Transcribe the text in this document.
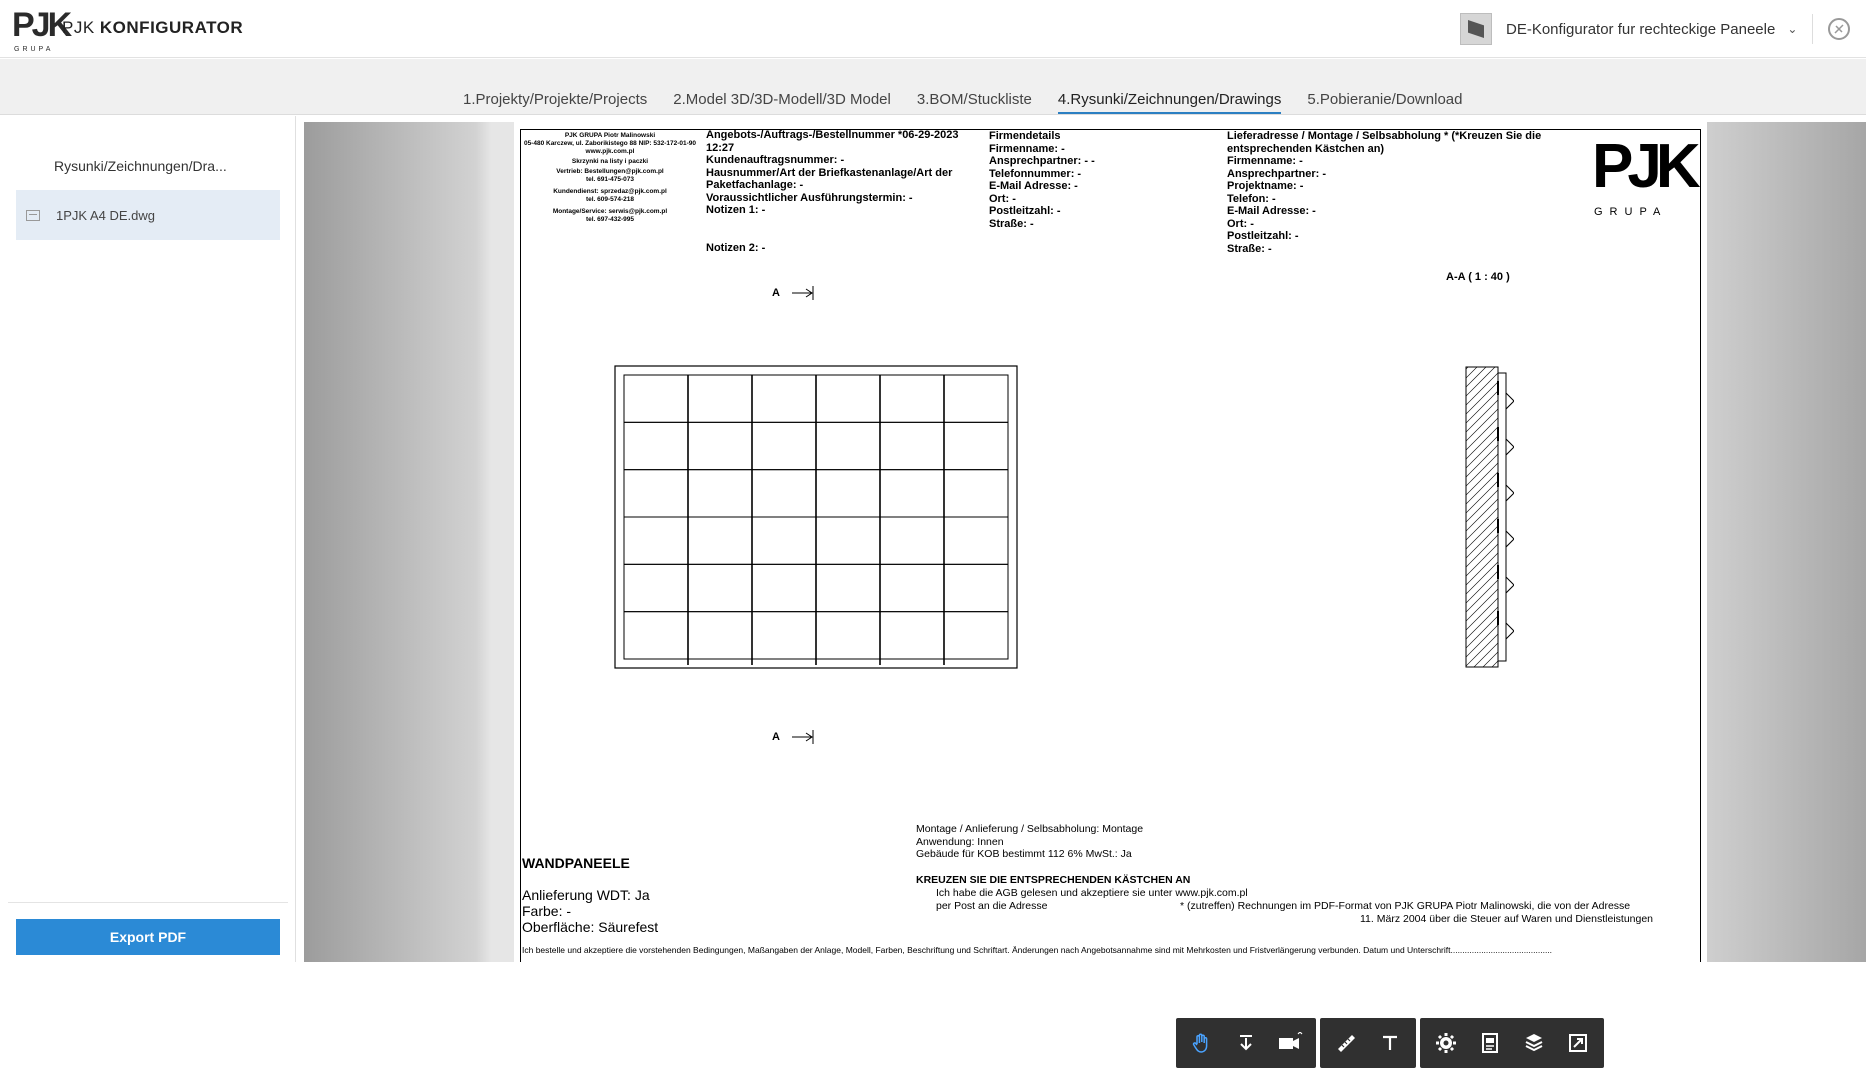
PJK
GRUPA
PJK KONFIGURATOR	DE-Konfigurator fur rechteckige Paneele ⌄
1.Projekty/Projekte/Projects 2.Model 3D/3D-Modell/3D Model 3.BOM/Stuckliste 4.Rysunki/Zeichnungen/Drawings 5.Pobieranie/Download
Rysunki/Zeichnungen/Dra...
1PJK A4 DE.dwg
Export PDF
PJK GRUPA Piotr Malinowski
05-480 Karczew, ul. Zaborikistego 88 NIP: 532-172-01-90
www.pjk.com.pl
Skrzynki na listy i paczki
Vertrieb: Bestellungen@pjk.com.pl
tel. 691-475-073
Kundendienst: sprzedaz@pjk.com.pl
tel. 609-574-218
Montage/Service: serwis@pjk.com.pl
tel. 697-432-995
Angebots-/Auftrags-/Bestellnummer *06-29-2023
12:27
Kundenauftragsnummer: -
Hausnummer/Art der Briefkastenanlage/Art der
Paketfachanlage: -
Voraussichtlicher Ausführungstermin: -
Notizen 1: -
Notizen 2: -
Firmendetails
Firmenname: -
Ansprechpartner: - -
Telefonnummer: -
E-Mail Adresse: -
Ort: -
Postleitzahl: -
Straße: -
Lieferadresse / Montage / Selbsabholung * (*Kreuzen Sie die
entsprechenden Kästchen an)
Firmenname: -
Ansprechpartner: -
Projektname: -
Telefon: -
E-Mail Adresse: -
Ort: -
Postleitzahl: -
Straße: -
PJK
GRUPA
A-A ( 1 : 40 )
A
A
WANDPANEELE
Anlieferung WDT: Ja
Farbe: -
Oberfläche: Säurefest
Montage / Anlieferung / Selbsabholung: Montage
Anwendung: Innen
Gebäude für KOB bestimmt 112 6% MwSt.: Ja
KREUZEN SIE DIE ENTSPRECHENDEN KÄSTCHEN AN
Ich habe die AGB gelesen und akzeptiere sie unter www.pjk.com.pl
per Post an die Adresse	* (zutreffen) Rechnungen im PDF-Format von PJK GRUPA Piotr Malinowski, die von der Adresse
11. März 2004 über die Steuer auf Waren und Dienstleistungen
Ich bestelle und akzeptiere die vorstehenden Bedingungen, Maßangaben der Anlage, Modell, Farben, Beschriftung und Schriftart. Änderungen nach Angebotsannahme sind mit Mehrkosten und Fristverlängerung verbunden. Datum und Unterschrift...........................................
